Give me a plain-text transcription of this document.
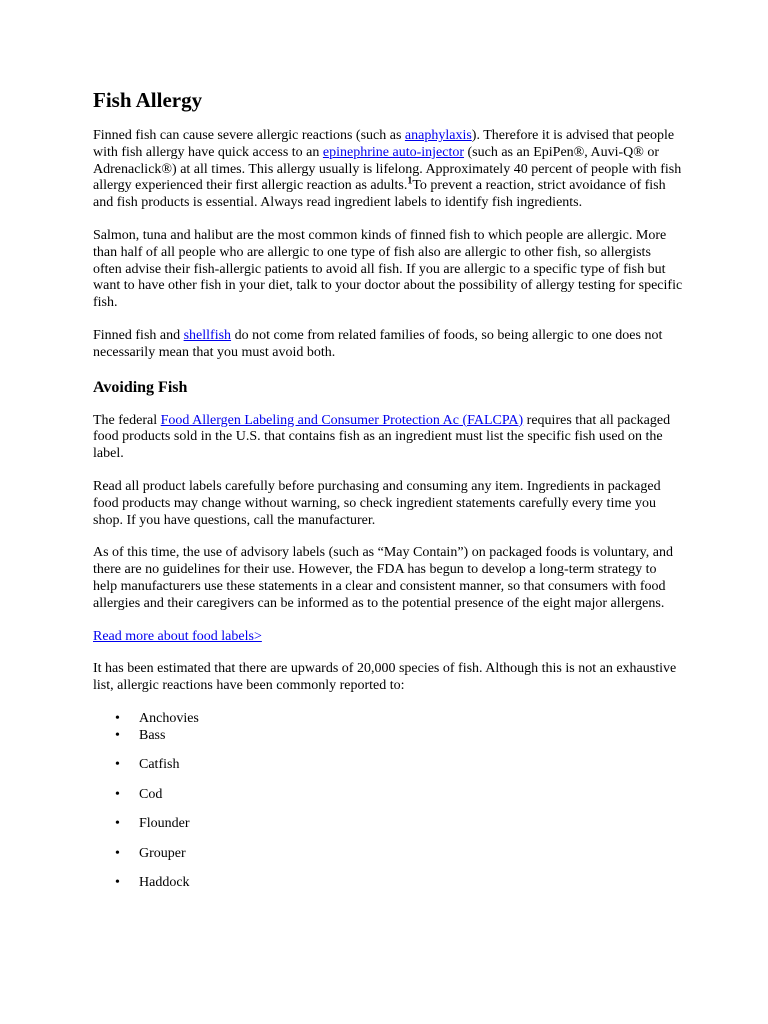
Fish Allergy

Finned fish can cause severe allergic reactions (such as anaphylaxis). Therefore it is advised that people with fish allergy have quick access to an epinephrine auto-injector (such as an EpiPen®, Auvi-Q® or Adrenaclick®) at all times. This allergy usually is lifelong. Approximately 40 percent of people with fish allergy experienced their first allergic reaction as adults.$^1$To prevent a reaction, strict avoidance of fish and fish products is essential. Always read ingredient labels to identify fish ingredients.

Salmon, tuna and halibut are the most common kinds of finned fish to which people are allergic. More than half of all people who are allergic to one type of fish also are allergic to other fish, so allergists often advise their fish-allergic patients to avoid all fish. If you are allergic to a specific type of fish but want to have other fish in your diet, talk to your doctor about the possibility of allergy testing for specific fish.

Finned fish and shellfish do not come from related families of foods, so being allergic to one does not necessarily mean that you must avoid both.

Avoiding Fish

The federal Food Allergen Labeling and Consumer Protection Ac (FALCPA) requires that all packaged food products sold in the U.S. that contains fish as an ingredient must list the specific fish used on the label.

Read all product labels carefully before purchasing and consuming any item. Ingredients in packaged food products may change without warning, so check ingredient statements carefully every time you shop. If you have questions, call the manufacturer.

As of this time, the use of advisory labels (such as “May Contain”) on packaged foods is voluntary, and there are no guidelines for their use. However, the FDA has begun to develop a long-term strategy to help manufacturers use these statements in a clear and consistent manner, so that consumers with food allergies and their caregivers can be informed as to the potential presence of the eight major allergens.

Read more about food labels>

It has been estimated that there are upwards of 20,000 species of fish. Although this is not an exhaustive list, allergic reactions have been commonly reported to:

• Anchovies
• Bass
• Catfish
• Cod
• Flounder
• Grouper
• Haddock
